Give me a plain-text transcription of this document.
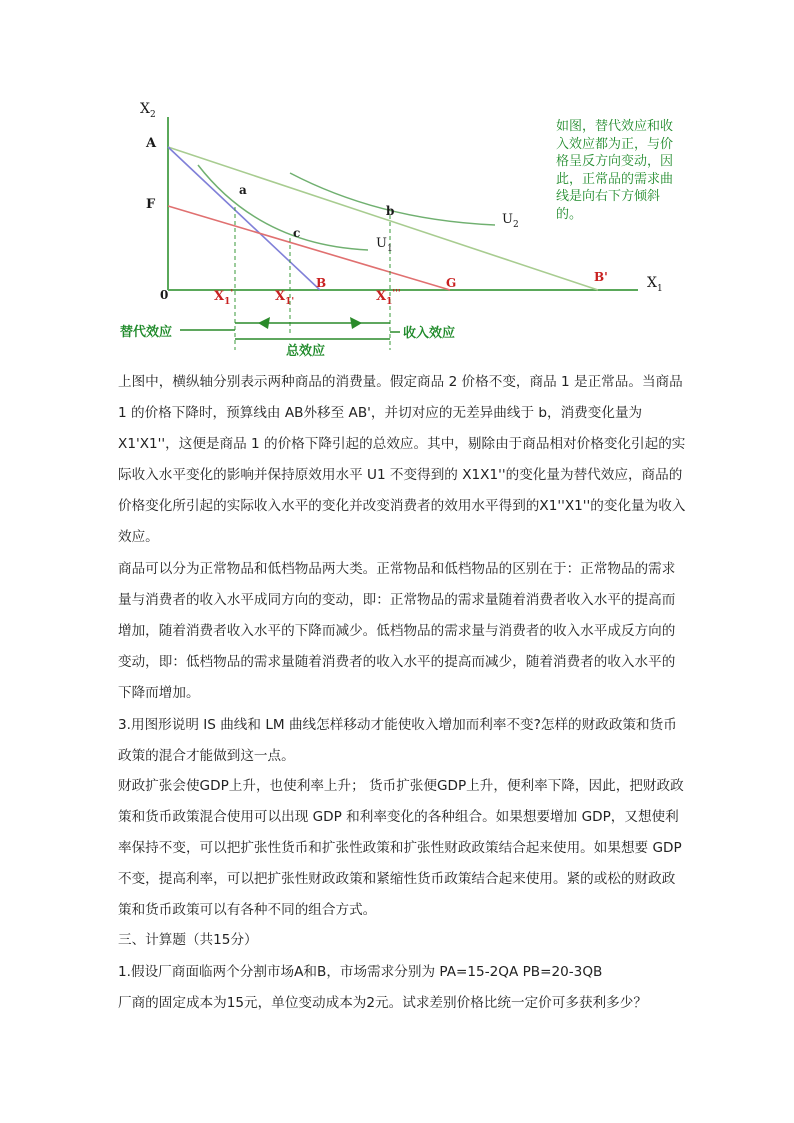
$X_2$
$X_1$
A
F
0
a
b
c
B	G	B'
$U_1$
$U_2$
$X_1'$	$X_{1'}$	$X_1'''$
替代效应	收入效应
总效应
如图，替代效应和收入效应都为正，与价格呈反方向变动，因此，正常品的需求曲线是向右下方倾斜的。

上图中，横纵轴分别表示两种商品的消费量。假定商品 2 价格不变，商品 1 是正常品。当商品 1 的价格下降时，预算线由 AB外移至 AB'，并切对应的无差异曲线于 b，消费变化量为 X1'X1''，这便是商品 1 的价格下降引起的总效应。其中，剔除由于商品相对价格变化引起的实际收入水平变化的影响并保持原效用水平 U1 不变得到的 X1X1''的变化量为替代效应，商品的价格变化所引起的实际收入水平的变化并改变消费者的效用水平得到的X1''X1''的变化量为收入效应。

商品可以分为正常物品和低档物品两大类。正常物品和低档物品的区别在于：正常物品的需求量与消费者的收入水平成同方向的变动，即：正常物品的需求量随着消费者收入水平的提高而增加，随着消费者收入水平的下降而减少。低档物品的需求量与消费者的收入水平成反方向的变动，即：低档物品的需求量随着消费者的收入水平的提高而减少，随着消费者的收入水平的下降而增加。

3.用图形说明 IS 曲线和 LM 曲线怎样移动才能使收入增加而利率不变?怎样的财政政策和货币政策的混合才能做到这一点。

财政扩张会使GDP上升，也使利率上升； 货币扩张便GDP上升，便利率下降，因此，把财政政策和货币政策混合使用可以出现 GDP 和利率变化的各种组合。如果想要增加 GDP，又想使利率保持不变，可以把扩张性货币和扩张性政策和扩张性财政政策结合起来使用。如果想要 GDP不变，提高利率，可以把扩张性财政政策和紧缩性货币政策结合起来使用。紧的或松的财政政策和货币政策可以有各种不同的组合方式。

三、计算题（共15分）

1.假设厂商面临两个分割市场A和B，市场需求分别为 PA=15-2QA PB=20-3QB

厂商的固定成本为15元，单位变动成本为2元。试求差别价格比统一定价可多获利多少？
